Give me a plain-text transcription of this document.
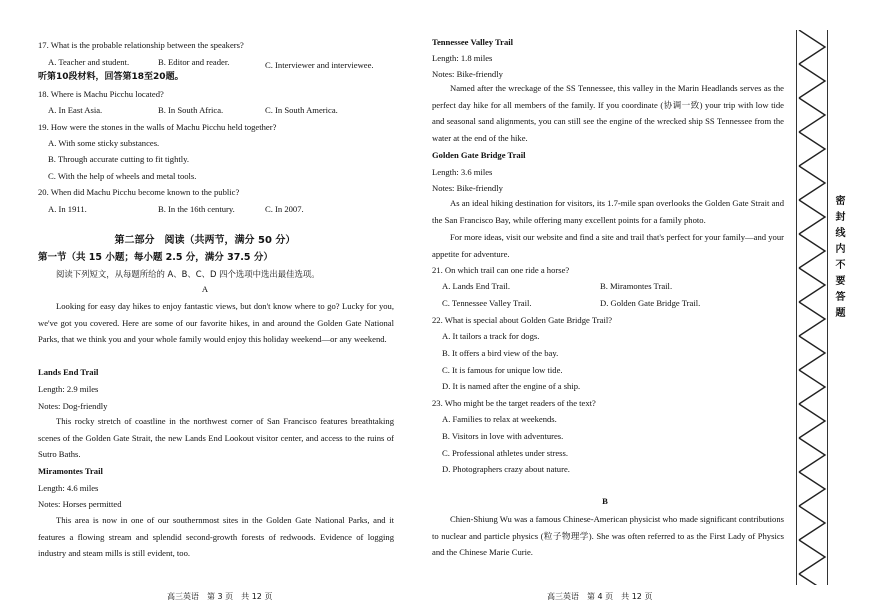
17. What is the probable relationship between the speakers?
A. Teacher and student.	B. Editor and reader.	C. Interviewer and interviewee.
听第10段材料，回答第18至20题。
18. Where is Machu Picchu located?
A. In East Asia.	B. In South Africa.	C. In South America.
19. How were the stones in the walls of Machu Picchu held together?
A. With some sticky substances.
B. Through accurate cutting to fit tightly.
C. With the help of wheels and metal tools.
20. When did Machu Picchu become known to the public?
A. In 1911.	B. In the 16th century.	C. In 2007.
第二部分　阅读（共两节，满分 50 分）
第一节（共 15 小题；每小题 2.5 分，满分 37.5 分）
阅读下列短文，从每题所给的 A、B、C、D 四个选项中选出最佳选项。
A
Looking for easy day hikes to enjoy fantastic views, but don't know where to go? Lucky for you, we've got you covered. Here are some of our favorite hikes, in and around the Golden Gate National Parks, that we think you and your whole family would enjoy this holiday weekend—or any weekend.
Lands End Trail
Length: 2.9 miles
Notes: Dog-friendly
This rocky stretch of coastline in the northwest corner of San Francisco features breathtaking scenes of the Golden Gate Strait, the new Lands End Lookout visitor center, and access to the ruins of Sutro Baths.
Miramontes Trail
Length: 4.6 miles
Notes: Horses permitted
This area is now in one of our southernmost sites in the Golden Gate National Parks, and it features a flowing stream and splendid second-growth forests of redwoods. Evidence of logging industry and steam mills is still evident, too.
高三英语　第 3 页　共 12 页
Tennessee Valley Trail
Length: 1.8 miles
Notes: Bike-friendly
Named after the wreckage of the SS Tennessee, this valley in the Marin Headlands serves as the perfect day hike for all members of the family. If you coordinate (协调一致) your trip with low tide and seasonal sand alignments, you can still see the engine of the wrecked ship SS Tennessee from the water at the end of the hike.
Golden Gate Bridge Trail
Length: 3.6 miles
Notes: Bike-friendly
As an ideal hiking destination for visitors, its 1.7-mile span overlooks the Golden Gate Strait and the San Francisco Bay, while offering many excellent points for a family photo.
For more ideas, visit our website and find a site and trail that's perfect for your family—and your appetite for adventure.
21. On which trail can one ride a horse?
A. Lands End Trail.	B. Miramontes Trail.
C. Tennessee Valley Trail.	D. Golden Gate Bridge Trail.
22. What is special about Golden Gate Bridge Trail?
A. It tailors a track for dogs.
B. It offers a bird view of the bay.
C. It is famous for unique low tide.
D. It is named after the engine of a ship.
23. Who might be the target readers of the text?
A. Families to relax at weekends.
B. Visitors in love with adventures.
C. Professional athletes under stress.
D. Photographers crazy about nature.
B
Chien-Shiung Wu was a famous Chinese-American physicist who made significant contributions to nuclear and particle physics (粒子物理学). She was often referred to as the First Lady of Physics and the Chinese Marie Curie.
高三英语　第 4 页　共 12 页
密封线内不要答题
